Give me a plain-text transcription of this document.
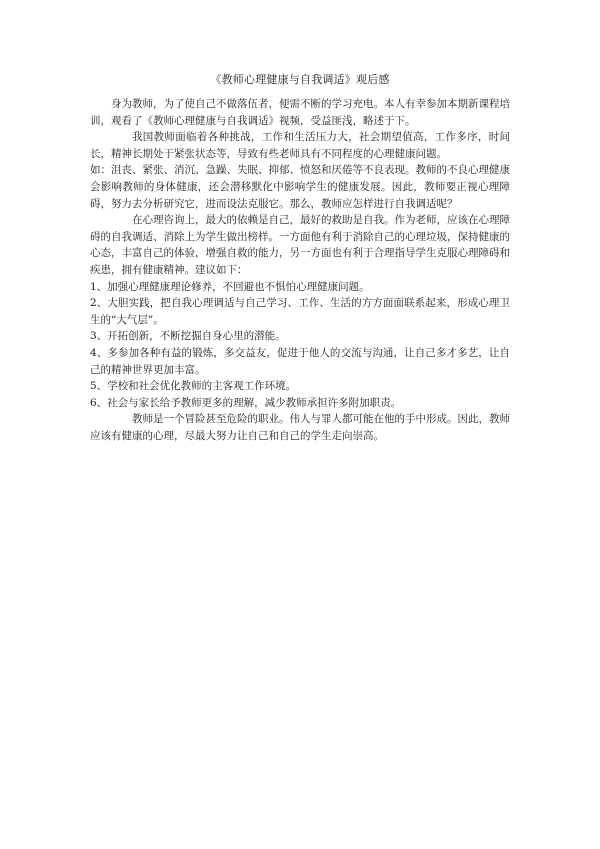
《教师心理健康与自我调适》观后感

身为教师，为了使自己不做落伍者，便需不断的学习充电。本人有幸参加本期新课程培训，观看了《教师心理健康与自我调适》视频，受益匪浅，略述于下。

我国教师面临着各种挑战，工作和生活压力大，社会期望值高，工作多序，时间长，精神长期处于紧张状态等，导致有些老师具有不同程度的心理健康问题。

如：沮丧、紧张、消沉、急躁、失眠、抑郁、愤怒和厌倦等不良表现。教师的不良心理健康会影响教师的身体健康，还会潜移默化中影响学生的健康发展。因此，教师要正视心理障碍，努力去分析研究它，进而设法克服它。那么，教师应怎样进行自我调适呢？

在心理咨询上，最大的依赖是自己，最好的救助是自我。作为老师，应该在心理障碍的自我调适、消除上为学生做出榜样。一方面他有利于消除自己的心理垃圾，保持健康的心态，丰富自己的体验，增强自救的能力，另一方面也有利于合理指导学生克服心理障碍和疾患，拥有健康精神。建议如下：

1、加强心理健康理论修养，不回避也不惧怕心理健康问题。

2、大胆实践，把自我心理调适与自己学习、工作、生活的方方面面联系起来，形成心理卫生的“大气层”。

3、开拓创新，不断挖掘自身心里的潜能。

4、多参加各种有益的锻炼，多交益友，促进于他人的交流与沟通，让自己多才多艺，让自己的精神世界更加丰富。

5、学校和社会优化教师的主客观工作环境。

6、社会与家长给予教师更多的理解，减少教师承担许多附加职责。

教师是一个冒险甚至危险的职业。伟人与罪人都可能在他的手中形成。因此，教师应该有健康的心理，尽最大努力让自己和自己的学生走向崇高。
